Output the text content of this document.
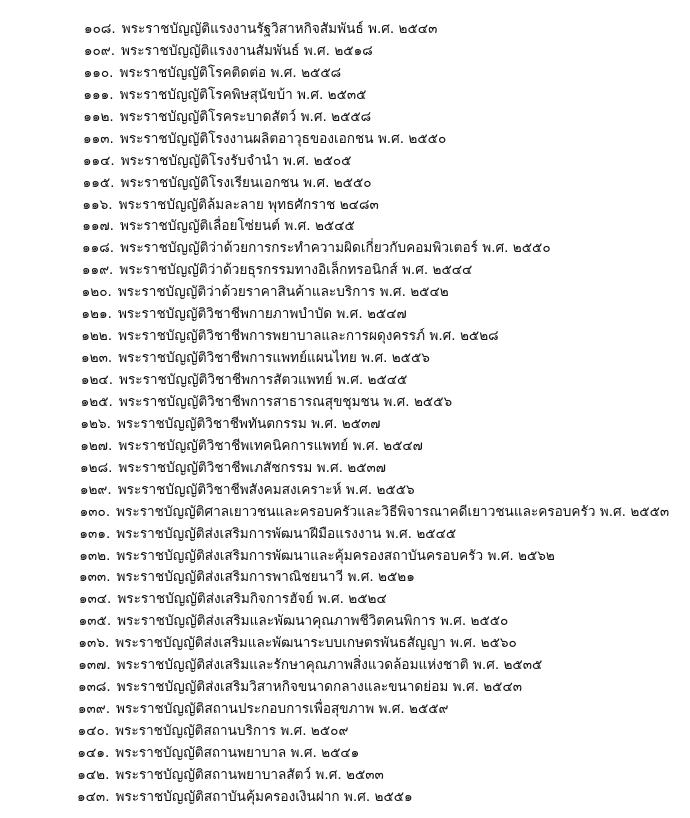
๑๐๘. พระราชบัญญัติแรงงานรัฐวิสาหกิจสัมพันธ์ พ.ศ. ๒๕๔๓
๑๐๙. พระราชบัญญัติแรงงานสัมพันธ์ พ.ศ. ๒๕๑๘
๑๑๐. พระราชบัญญัติโรคติดต่อ พ.ศ. ๒๕๕๘
๑๑๑. พระราชบัญญัติโรคพิษสุนัขบ้า พ.ศ. ๒๕๓๕
๑๑๒. พระราชบัญญัติโรคระบาดสัตว์ พ.ศ. ๒๕๕๘
๑๑๓. พระราชบัญญัติโรงงานผลิตอาวุธของเอกชน พ.ศ. ๒๕๕๐
๑๑๔. พระราชบัญญัติโรงรับจำนำ พ.ศ. ๒๕๐๕
๑๑๕. พระราชบัญญัติโรงเรียนเอกชน พ.ศ. ๒๕๕๐
๑๑๖. พระราชบัญญัติล้มละลาย พุทธศักราช ๒๔๘๓
๑๑๗. พระราชบัญญัติเลื่อยโซ่ยนต์ พ.ศ. ๒๕๔๕
๑๑๘. พระราชบัญญัติว่าด้วยการกระทำความผิดเกี่ยวกับคอมพิวเตอร์ พ.ศ. ๒๕๕๐
๑๑๙. พระราชบัญญัติว่าด้วยธุรกรรมทางอิเล็กทรอนิกส์ พ.ศ. ๒๕๔๔
๑๒๐. พระราชบัญญัติว่าด้วยราคาสินค้าและบริการ พ.ศ. ๒๕๔๒
๑๒๑. พระราชบัญญัติวิชาชีพกายภาพบำบัด พ.ศ. ๒๕๔๗
๑๒๒. พระราชบัญญัติวิชาชีพการพยาบาลและการผดุงครรภ์ พ.ศ. ๒๕๒๘
๑๒๓. พระราชบัญญัติวิชาชีพการแพทย์แผนไทย พ.ศ. ๒๕๕๖
๑๒๔. พระราชบัญญัติวิชาชีพการสัตวแพทย์ พ.ศ. ๒๕๔๕
๑๒๕. พระราชบัญญัติวิชาชีพการสาธารณสุขชุมชน พ.ศ. ๒๕๕๖
๑๒๖. พระราชบัญญัติวิชาชีพทันตกรรม พ.ศ. ๒๕๓๗
๑๒๗. พระราชบัญญัติวิชาชีพเทคนิคการแพทย์ พ.ศ. ๒๕๔๗
๑๒๘. พระราชบัญญัติวิชาชีพเภสัชกรรม พ.ศ. ๒๕๓๗
๑๒๙. พระราชบัญญัติวิชาชีพสังคมสงเคราะห์ พ.ศ. ๒๕๕๖
๑๓๐. พระราชบัญญัติศาลเยาวชนและครอบครัวและวิธีพิจารณาคดีเยาวชนและครอบครัว พ.ศ. ๒๕๕๓
๑๓๑. พระราชบัญญัติส่งเสริมการพัฒนาฝีมือแรงงาน พ.ศ. ๒๕๔๕
๑๓๒. พระราชบัญญัติส่งเสริมการพัฒนาและคุ้มครองสถาบันครอบครัว พ.ศ. ๒๕๖๒
๑๓๓. พระราชบัญญัติส่งเสริมการพาณิชยนาวี พ.ศ. ๒๕๒๑
๑๓๔. พระราชบัญญัติส่งเสริมกิจการฮัจย์ พ.ศ. ๒๕๒๔
๑๓๕. พระราชบัญญัติส่งเสริมและพัฒนาคุณภาพชีวิตคนพิการ พ.ศ. ๒๕๕๐
๑๓๖. พระราชบัญญัติส่งเสริมและพัฒนาระบบเกษตรพันธสัญญา พ.ศ. ๒๕๖๐
๑๓๗. พระราชบัญญัติส่งเสริมและรักษาคุณภาพสิ่งแวดล้อมแห่งชาติ พ.ศ. ๒๕๓๕
๑๓๘. พระราชบัญญัติส่งเสริมวิสาหกิจขนาดกลางและขนาดย่อม พ.ศ. ๒๕๔๓
๑๓๙. พระราชบัญญัติสถานประกอบการเพื่อสุขภาพ พ.ศ. ๒๕๕๙
๑๔๐. พระราชบัญญัติสถานบริการ พ.ศ. ๒๕๐๙
๑๔๑. พระราชบัญญัติสถานพยาบาล พ.ศ. ๒๕๔๑
๑๔๒. พระราชบัญญัติสถานพยาบาลสัตว์ พ.ศ. ๒๕๓๓
๑๔๓. พระราชบัญญัติสถาบันคุ้มครองเงินฝาก พ.ศ. ๒๕๕๑
